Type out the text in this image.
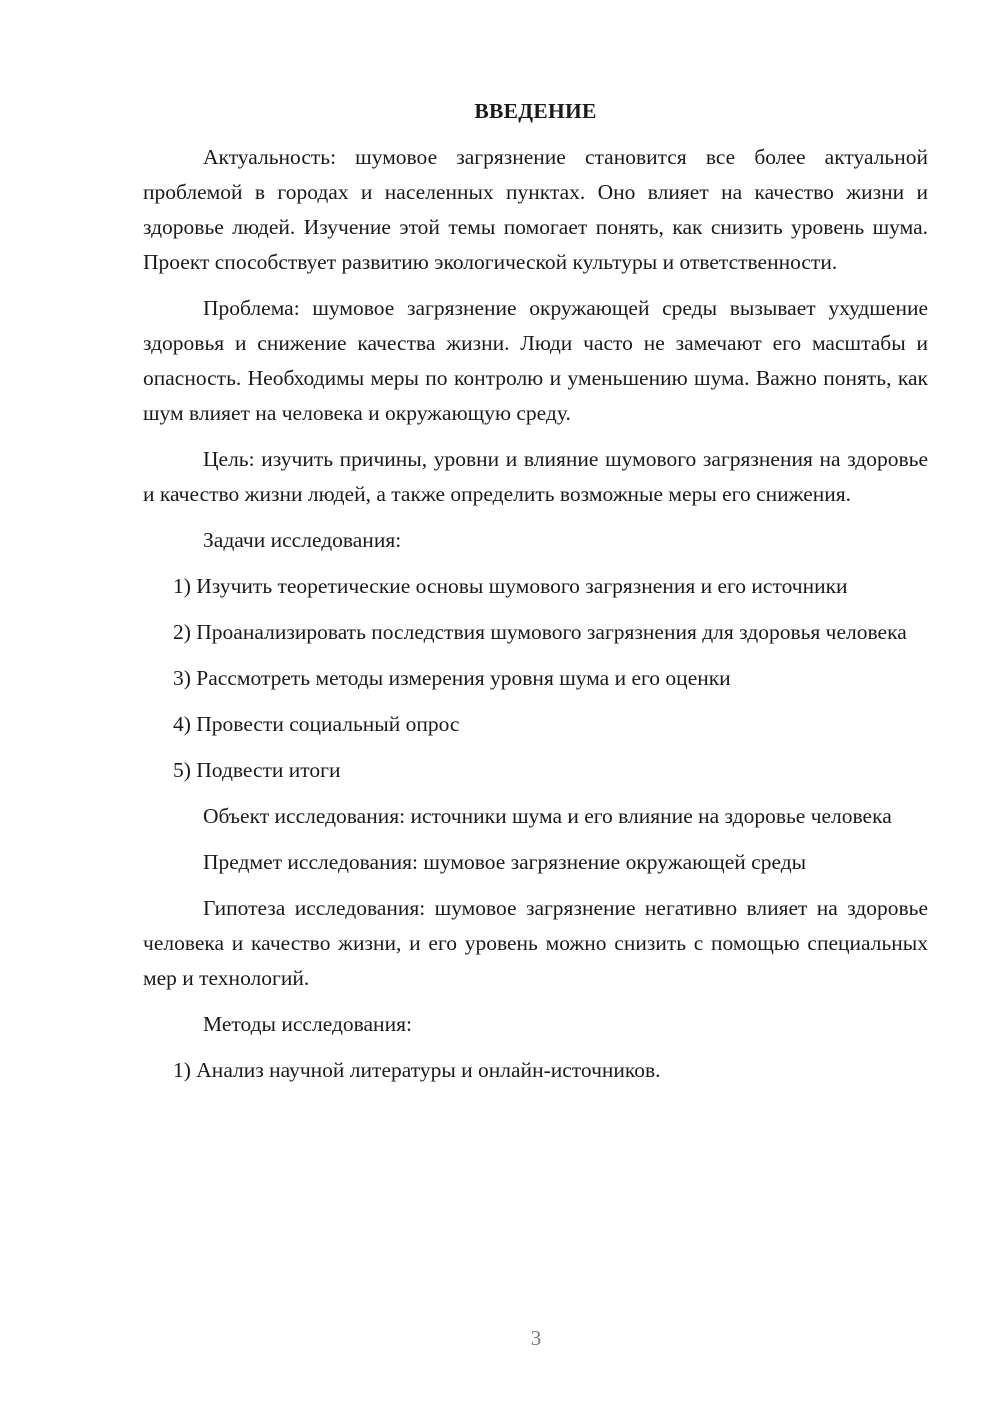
ВВЕДЕНИЕ

Актуальность: шумовое загрязнение становится все более актуальной проблемой в городах и населенных пунктах. Оно влияет на качество жизни и здоровье людей. Изучение этой темы помогает понять, как снизить уровень шума. Проект способствует развитию экологической культуры и ответственности.

Проблема: шумовое загрязнение окружающей среды вызывает ухудшение здоровья и снижение качества жизни. Люди часто не замечают его масштабы и опасность. Необходимы меры по контролю и уменьшению шума. Важно понять, как шум влияет на человека и окружающую среду.

Цель: изучить причины, уровни и влияние шумового загрязнения на здоровье и качество жизни людей, а также определить возможные меры его снижения.

Задачи исследования:

1) Изучить теоретические основы шумового загрязнения и его источники

2) Проанализировать последствия шумового загрязнения для здоровья человека

3) Рассмотреть методы измерения уровня шума и его оценки

4) Провести социальный опрос

5) Подвести итоги

Объект исследования: источники шума и его влияние на здоровье человека

Предмет исследования: шумовое загрязнение окружающей среды

Гипотеза исследования: шумовое загрязнение негативно влияет на здоровье человека и качество жизни, и его уровень можно снизить с помощью специальных мер и технологий.

Методы исследования:

1) Анализ научной литературы и онлайн-источников.

3
